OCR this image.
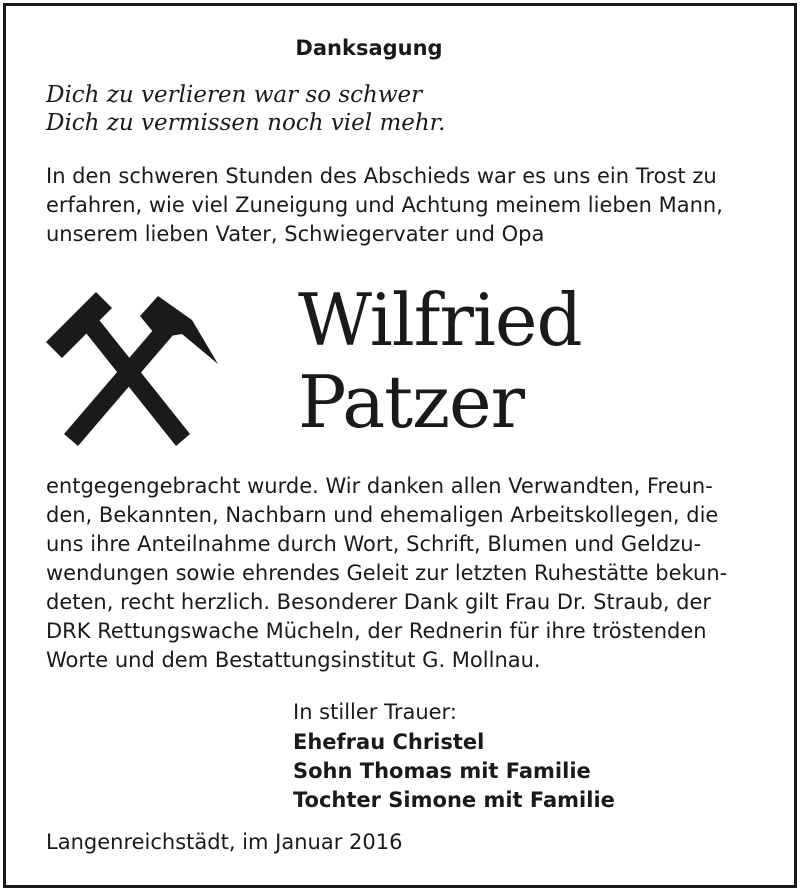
Danksagung
Dich zu verlieren war so schwer
Dich zu vermissen noch viel mehr.
In den schweren Stunden des Abschieds war es uns ein Trost zu
erfahren, wie viel Zuneigung und Achtung meinem lieben Mann,
unserem lieben Vater, Schwiegervater und Opa
Wilfried
Patzer
entgegengebracht wurde. Wir danken allen Verwandten, Freun-
den, Bekannten, Nachbarn und ehemaligen Arbeitskollegen, die
uns ihre Anteilnahme durch Wort, Schrift, Blumen und Geldzu-
wendungen sowie ehrendes Geleit zur letzten Ruhestätte bekun-
deten, recht herzlich. Besonderer Dank gilt Frau Dr. Straub, der
DRK Rettungswache Mücheln, der Rednerin für ihre tröstenden
Worte und dem Bestattungsinstitut G. Mollnau.
In stiller Trauer:
Ehefrau Christel
Sohn Thomas mit Familie
Tochter Simone mit Familie
Langenreichstädt, im Januar 2016
